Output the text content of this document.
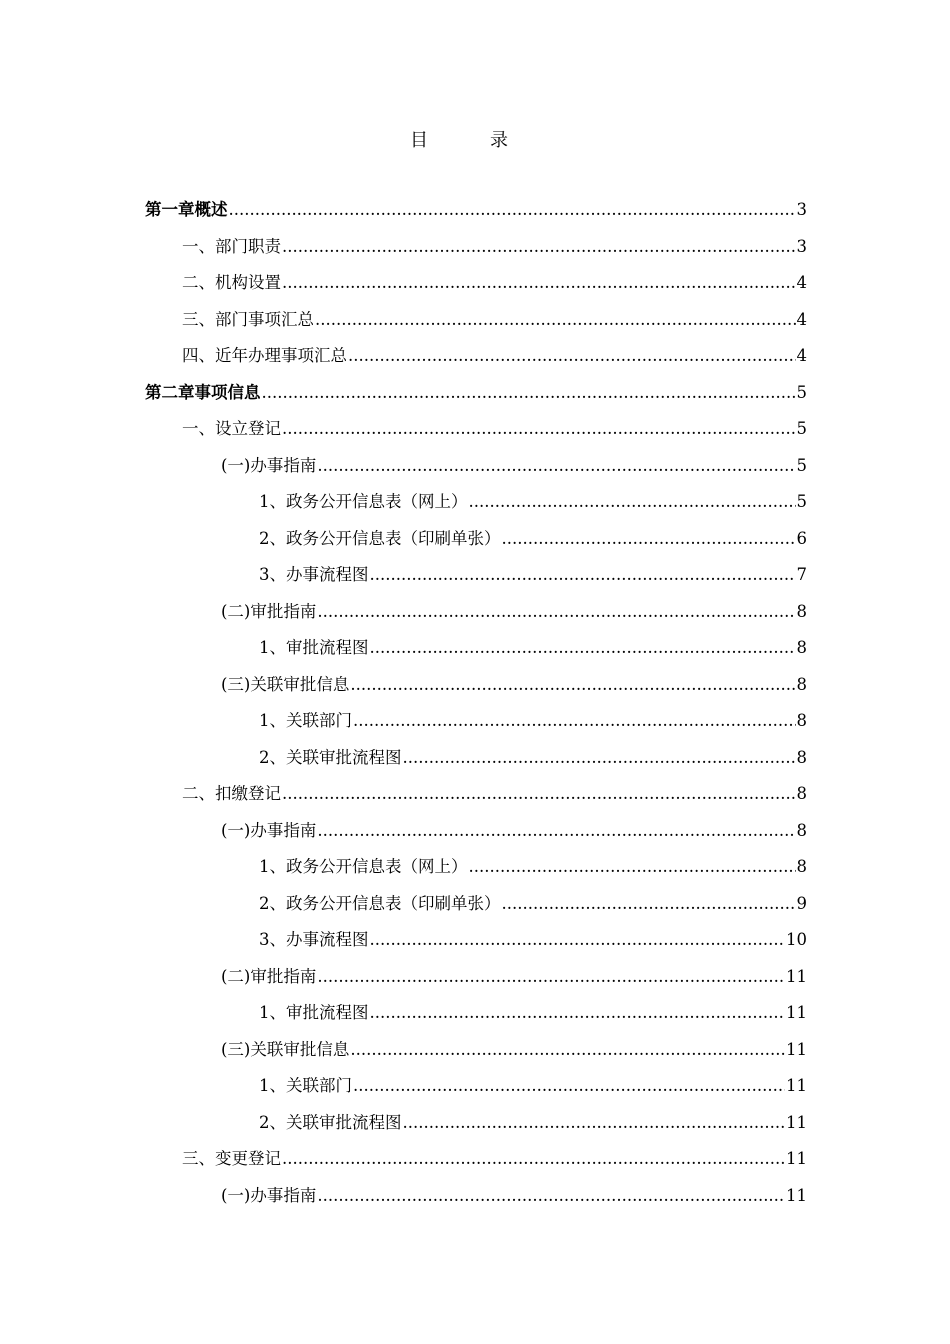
目	录
第一章 概述 .....	3
一、 部门职责 .....	3
二、 机构设置 .....	4
三、 部门事项汇总 .....	4
四、 近年办理事项汇总 .....	4
第二章 事项信息 .....	5
一、 设立登记 .....	5
(一) 办事指南 .....	5
1、 政务公开信息表（网上） .....	5
2、 政务公开信息表（印刷单张） .....	6
3、 办事流程图 .....	7
(二) 审批指南 .....	8
1、 审批流程图 .....	8
(三) 关联审批信息 .....	8
1、 关联部门 .....	8
2、 关联审批流程图 .....	8
二、 扣缴登记 .....	8
(一) 办事指南 .....	8
1、 政务公开信息表（网上） .....	8
2、 政务公开信息表（印刷单张） .....	9
3、 办事流程图 .....	10
(二) 审批指南 .....	11
1、 审批流程图 .....	11
(三) 关联审批信息 .....	11
1、 关联部门 .....	11
2、 关联审批流程图 .....	11
三、 变更登记 .....	11
(一) 办事指南 .....	11
